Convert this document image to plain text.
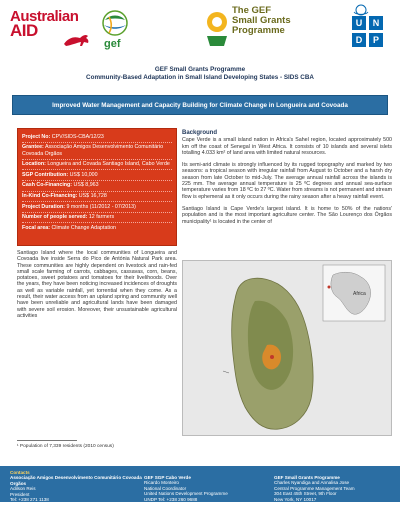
Australian
AID
gef
The GEF
Small Grants
Programme
U	N
D	P
GEF Small Grants Programme
Community-Based Adaptation in Small Island Developing States - SIDS CBA
Improved Water Management and Capacity Building for Climate Change in Longueira and Covoada
Project No: CPV/SIDS-CBA/12/23
Grantee: Associação Amigos Desenvolvimento Comunitário Covoada Orgãos
Location: Longueira and Covada Santiago Island, Cabo Verde
SGP Contribution: US$ 10,000
Cash Co-Financing: US$ 8,963
In-Kind Co-Financing: US$ 16,728
Project Duration: 9 months (11/2012 - 07/2013)
Number of people served: 12 farmers
Focal area: Climate Change Adaptation
Background

Cape Verde is a small island nation in Africa's Sahel region, located approximately 500 km off the coast of Senegal in West Africa. It consists of 10 islands and several islets totalling 4.033 km² of land area with limited natural resources.

Its semi-arid climate is strongly influenced by its rugged topography and marked by two seasons: a tropical season with irregular rainfall from August to October and a harsh dry season from late October to mid-July. The average annual rainfall across the islands is 225 mm. The average annual temperature is 25 ºC degrees and annual sea-surface temperature varies from 18 ºC to 27 ºC. Water from streams is not permanent and stream flow is ephemeral as it only occurs during the rainy season after a heavy rainfall event.

Santiago Island is Cape Verde's largest island. It is home to 50% of the nations' population and is the most important agriculture center. The São Lourenço dos Órgãos municipality¹ is located in the center of

Santiago Island where the local communities of Longueira and Covoada live inside Serra do Pico de Antónia Natural Park area. These communities are highly dependent on livestock and rain-fed small scale farming of carrots, cabbages, cassavas, corn, beans, potatoes, sweet potatoes and tomatoes for their livelihoods. Over the years, they have been noticing increased incidences of droughts as well as variable rainfall, yet torrential when they come. As a result, their water access from an upland spring and community well have been unreliable and agricultural lands have been damaged with severe soil erosion. Moreover, their unsustainable agricultural activities
Africa
¹ Population of 7,339 residents (2010 census)
Contacts
Associação Amigos Desenvolvimento Comunitário Covoada Orgãos
Adilson Reis
President
Tel: +238 271 1138
GEF SGP Cabo Verde
Ricardo Monteiro
National Coordinator
United Nations Development Programme
UNDP Tel: +238 260 9688
Email: ricardom@unops.org
GEF Small Grants Programme
Charles Nyandiga and Annalisa Jose
Central Programme Management Team
304 East 45th Street, 9th Floor
New York, NY 10017
Email: sgp.info@undp.org
